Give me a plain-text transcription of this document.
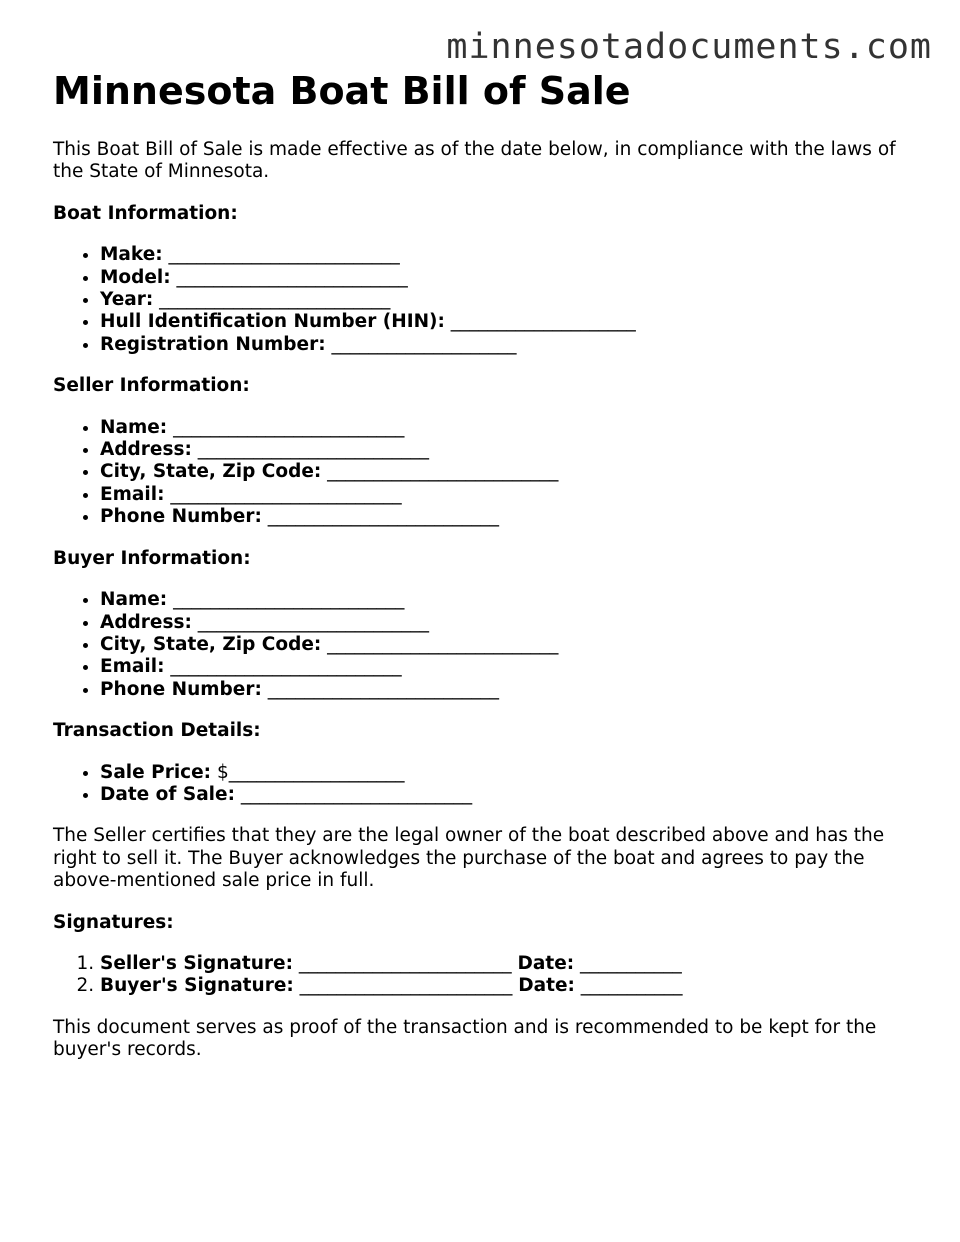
minnesotadocuments.com
Minnesota Boat Bill of Sale

This Boat Bill of Sale is made effective as of the date below, in compliance with the laws of the State of Minnesota.

Boat Information:

• Make: _________________________
• Model: _________________________
• Year: _________________________
• Hull Identification Number (HIN): ____________________
• Registration Number: ____________________

Seller Information:

• Name: _________________________
• Address: _________________________
• City, State, Zip Code: _________________________
• Email: _________________________
• Phone Number: _________________________

Buyer Information:

• Name: _________________________
• Address: _________________________
• City, State, Zip Code: _________________________
• Email: _________________________
• Phone Number: _________________________

Transaction Details:

• Sale Price: $___________________
• Date of Sale: _________________________

The Seller certifies that they are the legal owner of the boat described above and has the right to sell it. The Buyer acknowledges the purchase of the boat and agrees to pay the above-mentioned sale price in full.

Signatures:

1. Seller's Signature: _______________________ Date: ___________
2. Buyer's Signature: _______________________ Date: ___________

This document serves as proof of the transaction and is recommended to be kept for the buyer's records.
